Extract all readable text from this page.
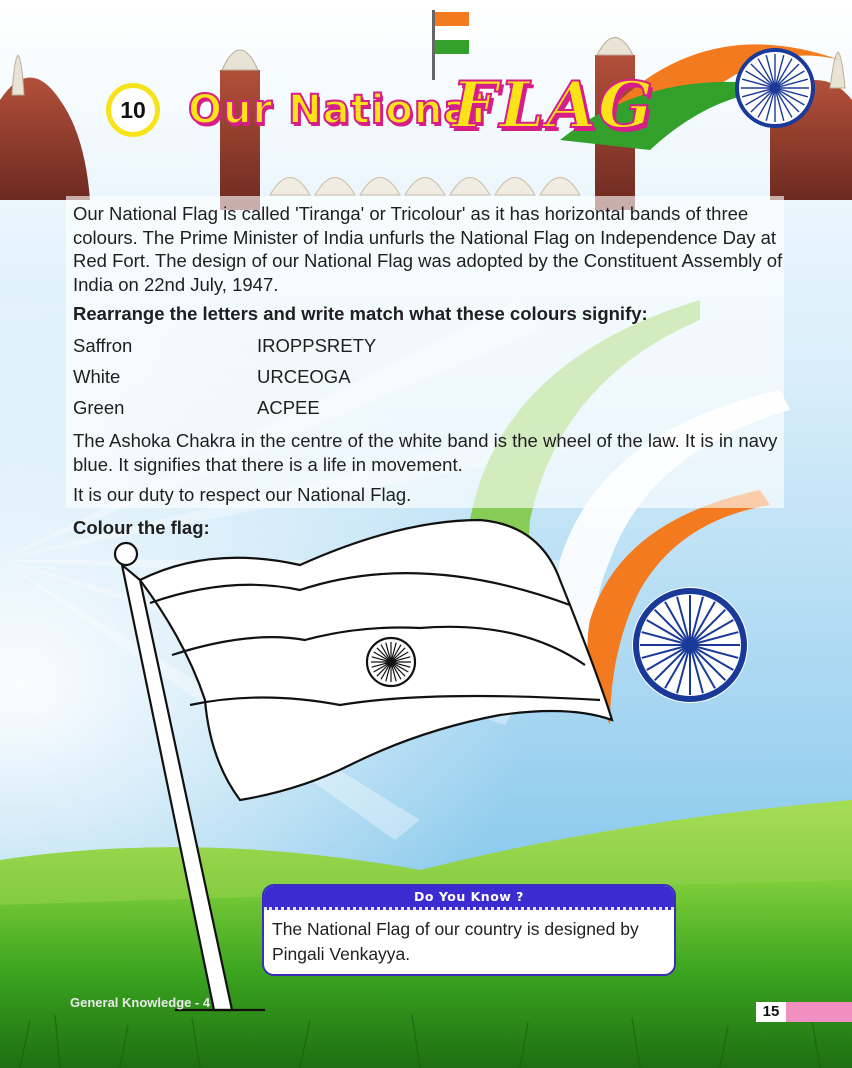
10 Our National
FLAG

Our National Flag is called 'Tiranga' or Tricolour' as it has horizontal bands of three colours. The Prime Minister of India unfurls the National Flag on Independence Day at Red Fort. The design of our National Flag was adopted by the Constituent Assembly of India on 22nd July, 1947.

Rearrange the letters and write match what these colours signify:

Saffron	IROPPSRETY

White	URCEOGA

Green	ACPEE

The Ashoka Chakra in the centre of the white band is the wheel of the law. It is in navy blue. It signifies that there is a life in movement.

It is our duty to respect our National Flag.

Colour the flag:

Do You Know ?
The National Flag of our country is designed by Pingali Venkayya.
General Knowledge - 4
15
